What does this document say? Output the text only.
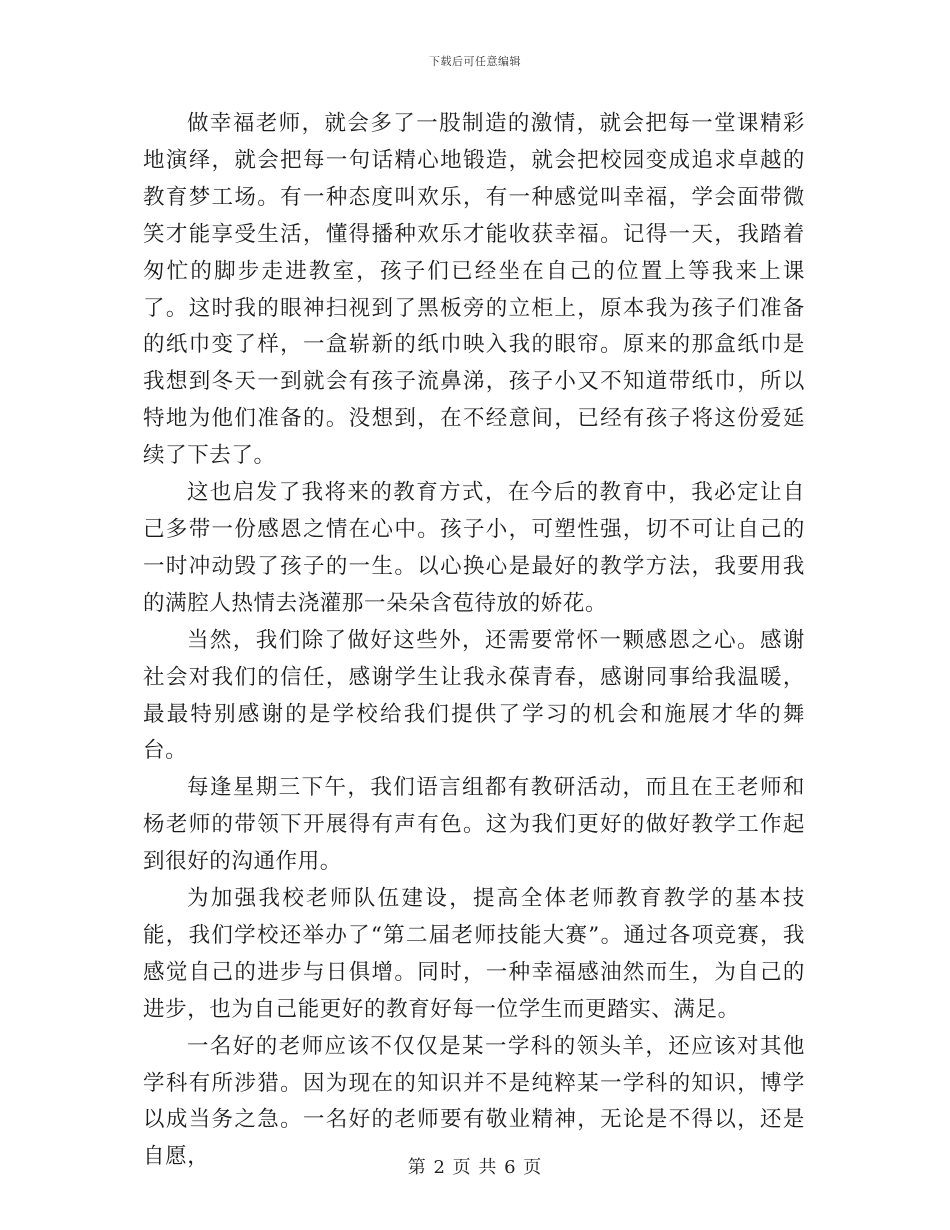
下载后可任意编辑

做幸福老师，就会多了一股制造的激情，就会把每一堂课精彩地演绎，就会把每一句话精心地锻造，就会把校园变成追求卓越的教育梦工场。有一种态度叫欢乐，有一种感觉叫幸福，学会面带微笑才能享受生活，懂得播种欢乐才能收获幸福。记得一天，我踏着匆忙的脚步走进教室，孩子们已经坐在自己的位置上等我来上课了。这时我的眼神扫视到了黑板旁的立柜上，原本我为孩子们准备的纸巾变了样，一盒崭新的纸巾映入我的眼帘。原来的那盒纸巾是我想到冬天一到就会有孩子流鼻涕，孩子小又不知道带纸巾，所以特地为他们准备的。没想到，在不经意间，已经有孩子将这份爱延续了下去了。

这也启发了我将来的教育方式，在今后的教育中，我必定让自己多带一份感恩之情在心中。孩子小，可塑性强，切不可让自己的一时冲动毁了孩子的一生。以心换心是最好的教学方法，我要用我的满腔人热情去浇灌那一朵朵含苞待放的娇花。

当然，我们除了做好这些外，还需要常怀一颗感恩之心。感谢社会对我们的信任，感谢学生让我永葆青春，感谢同事给我温暖，最最特别感谢的是学校给我们提供了学习的机会和施展才华的舞台。

每逢星期三下午，我们语言组都有教研活动，而且在王老师和杨老师的带领下开展得有声有色。这为我们更好的做好教学工作起到很好的沟通作用。

为加强我校老师队伍建设，提高全体老师教育教学的基本技能，我们学校还举办了“第二届老师技能大赛”。通过各项竞赛，我感觉自己的进步与日俱增。同时，一种幸福感油然而生，为自己的进步，也为自己能更好的教育好每一位学生而更踏实、满足。

一名好的老师应该不仅仅是某一学科的领头羊，还应该对其他学科有所涉猎。因为现在的知识并不是纯粹某一学科的知识，博学以成当务之急。一名好的老师要有敬业精神，无论是不得以，还是自愿，	第 2 页 共 6 页
